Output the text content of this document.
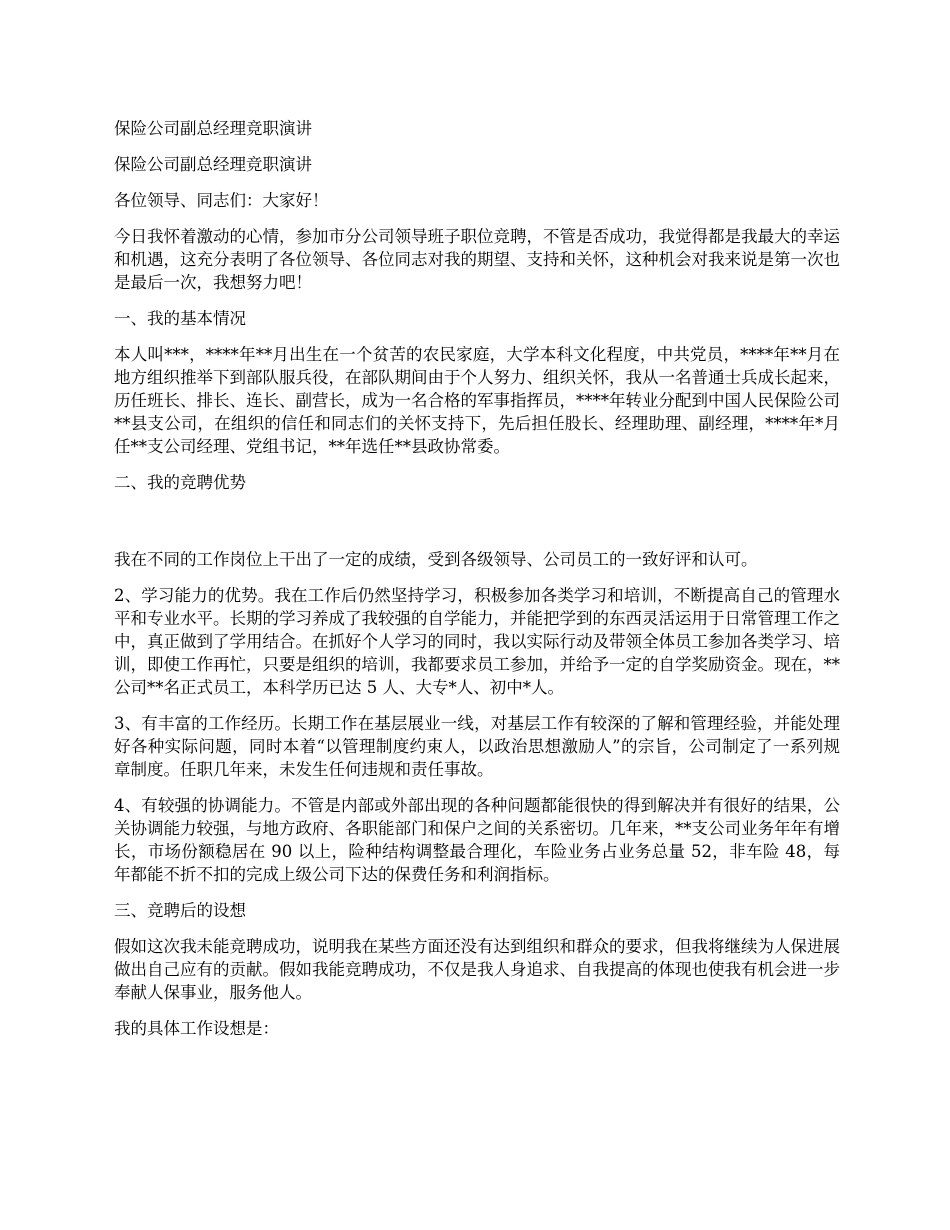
保险公司副总经理竞职演讲

保险公司副总经理竞职演讲

各位领导、同志们：大家好！

今日我怀着激动的心情，参加市分公司领导班子职位竞聘，不管是否成功，我觉得都是我最大的幸运和机遇，这充分表明了各位领导、各位同志对我的期望、支持和关怀，这种机会对我来说是第一次也是最后一次，我想努力吧！

一、我的基本情况

本人叫***，****年**月出生在一个贫苦的农民家庭，大学本科文化程度，中共党员，****年**月在地方组织推举下到部队服兵役，在部队期间由于个人努力、组织关怀，我从一名普通士兵成长起来，历任班长、排长、连长、副营长，成为一名合格的军事指挥员，****年转业分配到中国人民保险公司**县支公司，在组织的信任和同志们的关怀支持下，先后担任股长、经理助理、副经理，****年*月任**支公司经理、党组书记，**年选任**县政协常委。

二、我的竞聘优势

我在不同的工作岗位上干出了一定的成绩，受到各级领导、公司员工的一致好评和认可。

2、学习能力的优势。我在工作后仍然坚持学习，积极参加各类学习和培训，不断提高自己的管理水平和专业水平。长期的学习养成了我较强的自学能力，并能把学到的东西灵活运用于日常管理工作之中，真正做到了学用结合。在抓好个人学习的同时，我以实际行动及带领全体员工参加各类学习、培训，即使工作再忙，只要是组织的培训，我都要求员工参加，并给予一定的自学奖励资金。现在，**公司**名正式员工，本科学历已达 5 人、大专*人、初中*人。

3、有丰富的工作经历。长期工作在基层展业一线，对基层工作有较深的了解和管理经验，并能处理好各种实际问题，同时本着“以管理制度约束人，以政治思想激励人”的宗旨，公司制定了一系列规章制度。任职几年来，未发生任何违规和责任事故。

4、有较强的协调能力。不管是内部或外部出现的各种问题都能很快的得到解决并有很好的结果，公关协调能力较强，与地方政府、各职能部门和保户之间的关系密切。几年来，**支公司业务年年有增长，市场份额稳居在 90 以上，险种结构调整最合理化，车险业务占业务总量 52，非车险 48，每年都能不折不扣的完成上级公司下达的保费任务和利润指标。

三、竞聘后的设想

假如这次我未能竞聘成功，说明我在某些方面还没有达到组织和群众的要求，但我将继续为人保进展做出自己应有的贡献。假如我能竞聘成功，不仅是我人身追求、自我提高的体现也使我有机会进一步奉献人保事业，服务他人。

我的具体工作设想是：
